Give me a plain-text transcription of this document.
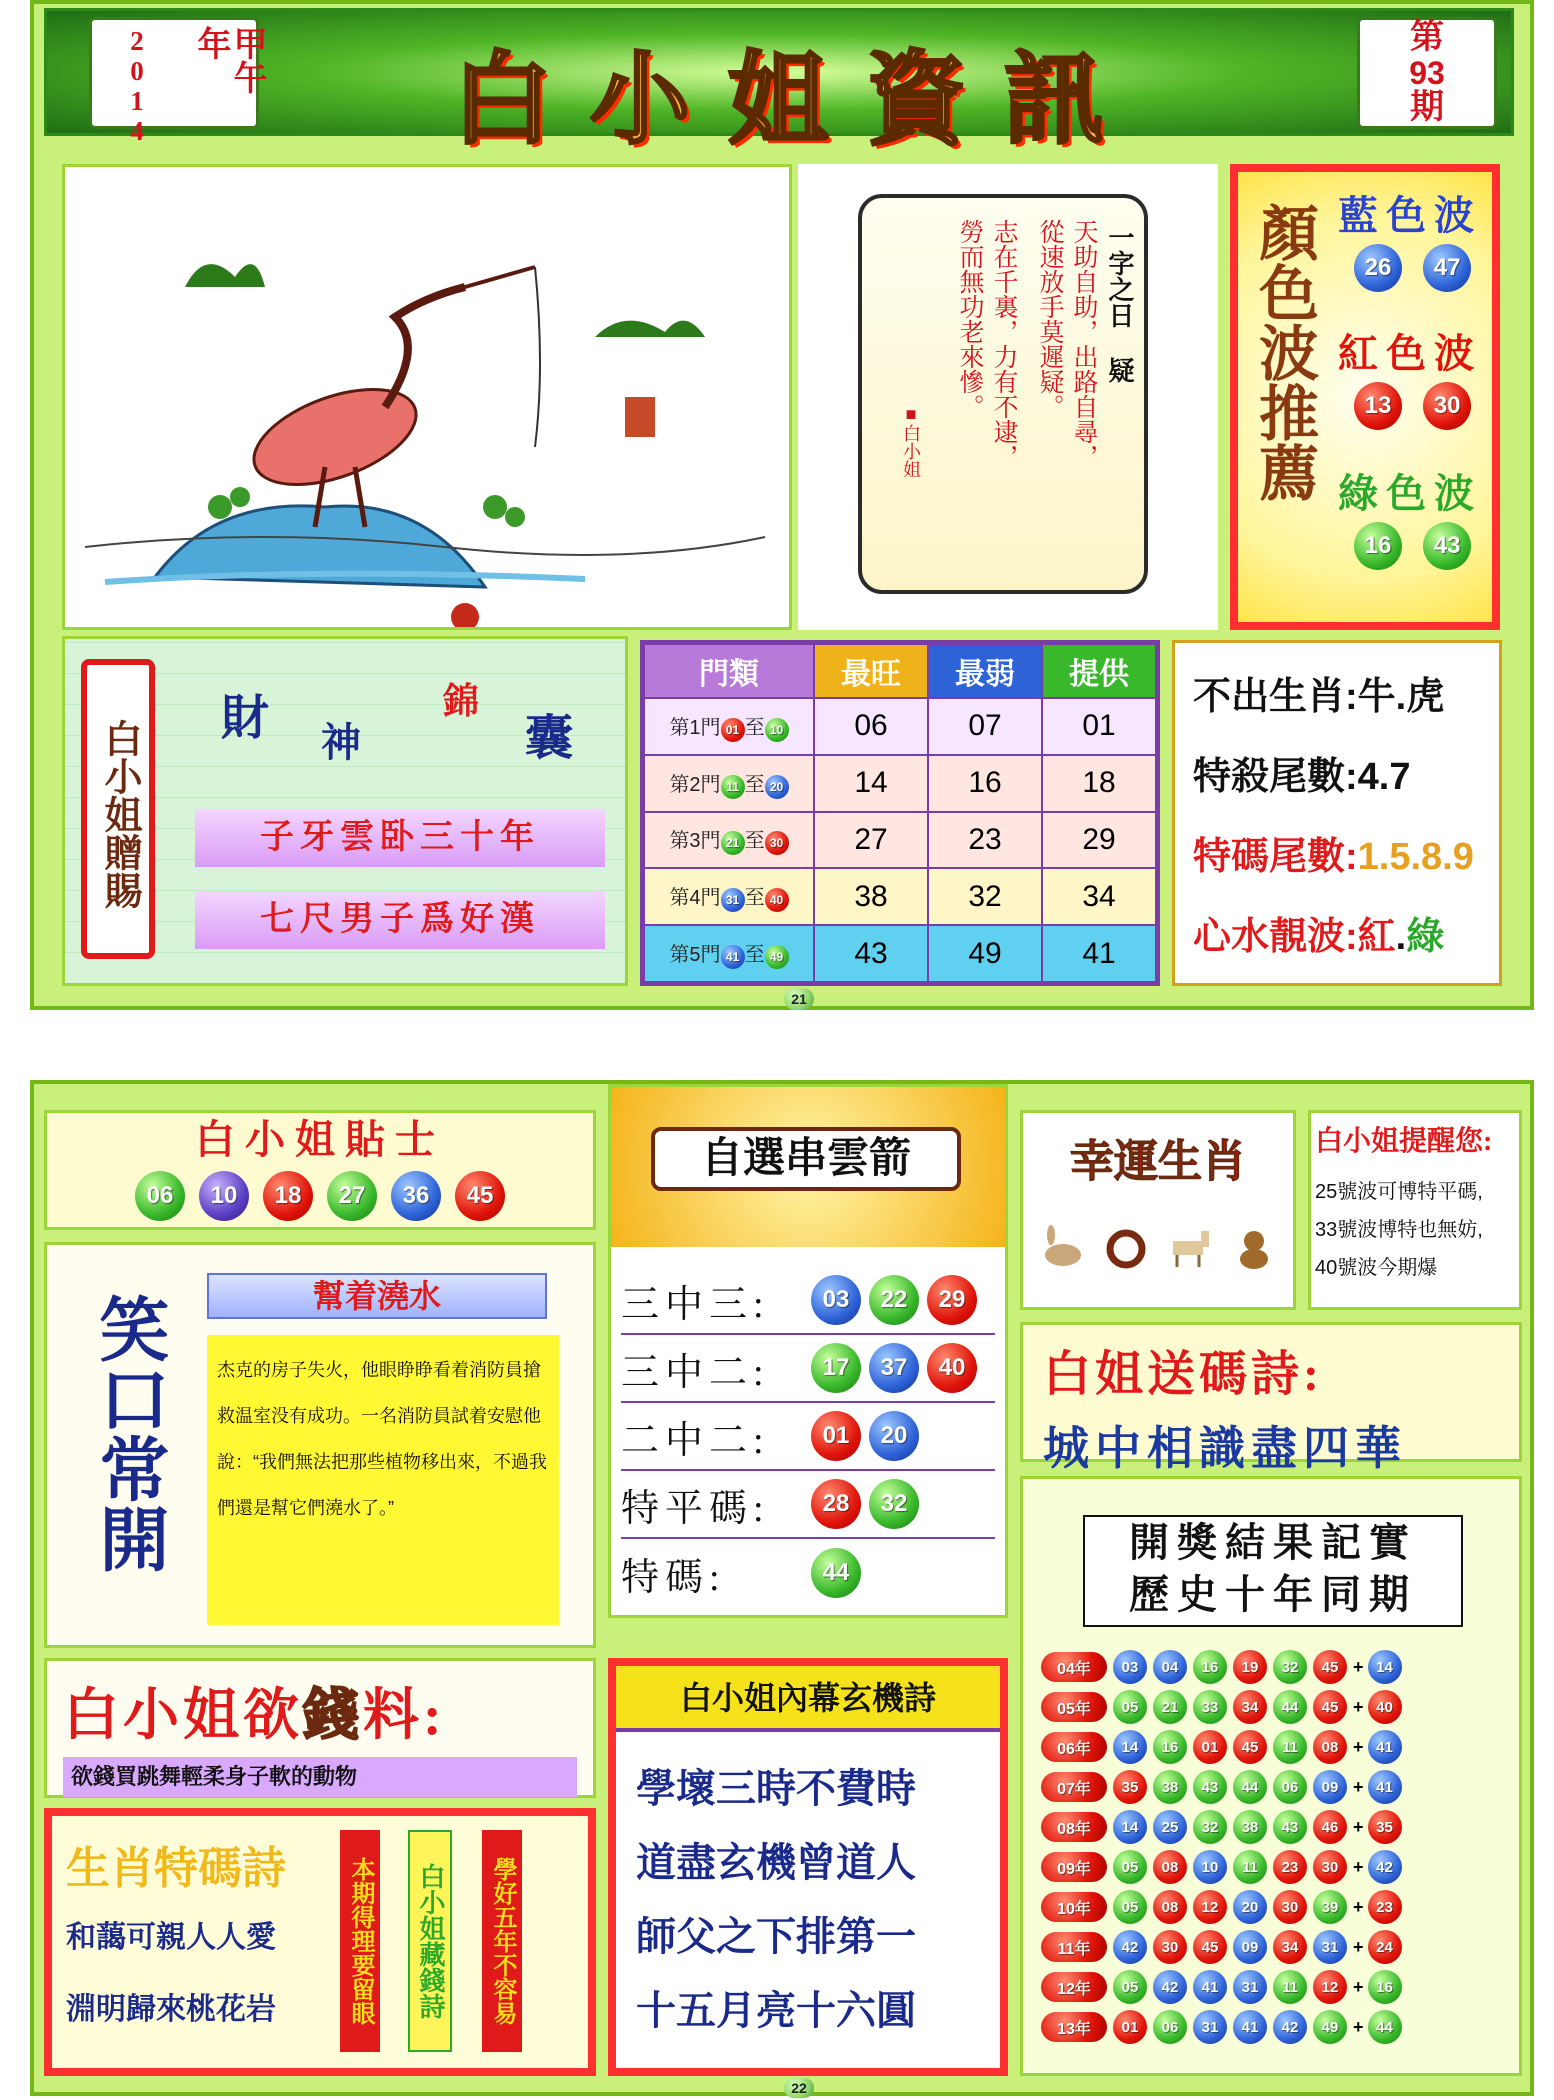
2014	甲午年
白小姐資訊
第
93
期
一字之日 疑
天助自助，出路自尋，
從速放手莫遲疑。
志在千裏，力有不逮，
勞而無功老來慘。
■白小姐	顏色波推薦 藍色波
26 47
紅色波
13 30
綠色波
16 43
白小姐贈賜
財 神
錦
囊
子牙雲卧三十年
七尺男子爲好漢
門類	最旺	最弱	提供
第1門 01 至 10	06	07	01
第2門 11 至 20	14	16	18
第3門 21 至 30	27	23	29
第4門 31 至 40	38	32	34
第5門 41 至 49	43	49	41
不出生肖:牛.虎
特殺尾數:4.7
特碼尾數:1.5.8.9
心水靚波:紅.綠
21
白小姐貼士
06	10	18	27	36	45
自選串雲箭
三中三:	03	22	29
三中二:	17	37	40
二中二:	01	20
特平碼:	28	32
特碼:	44
幸運生肖	白小姐提醒您:
25號波可博特平碼,
33號波博特也無妨,
40號波今期爆
笑口常開	幫着澆水
杰克的房子失火，他眼睁睁看着消防員搶救温室没有成功。一名消防員試着安慰他說：“我們無法把那些植物移出來，不過我們還是幫它們澆水了。”
白姐送碼詩:
城中相識盡四華
開獎結果記實
歷史十年同期
04年	03	04	16	19	32	45 + 14
05年	05	21	33	34	44	45 + 40
06年	14	16	01	45	11	08 + 41
07年	35	38	43	44	06	09 + 41
08年	14	25	32	38	43	46 + 35
09年	05	08	10	11	23	30 + 42
10年	05	08	12	20	30	39 + 23
11年	42	30	45	09	34	31 + 24
12年	05	42	41	31	11	12 + 16
13年	01	06	31	41	42	49 + 44
白小姐欲錢料:
欲錢買跳舞輕柔身子軟的動物
生肖特碼詩
和藹可親人人愛
淵明歸來桃花岩	本期得理要留眼	白小姐藏錢詩 學好五年不容易
白小姐內幕玄機詩
學壞三時不費時
道盡玄機曾道人
師父之下排第一
十五月亮十六圓
22
